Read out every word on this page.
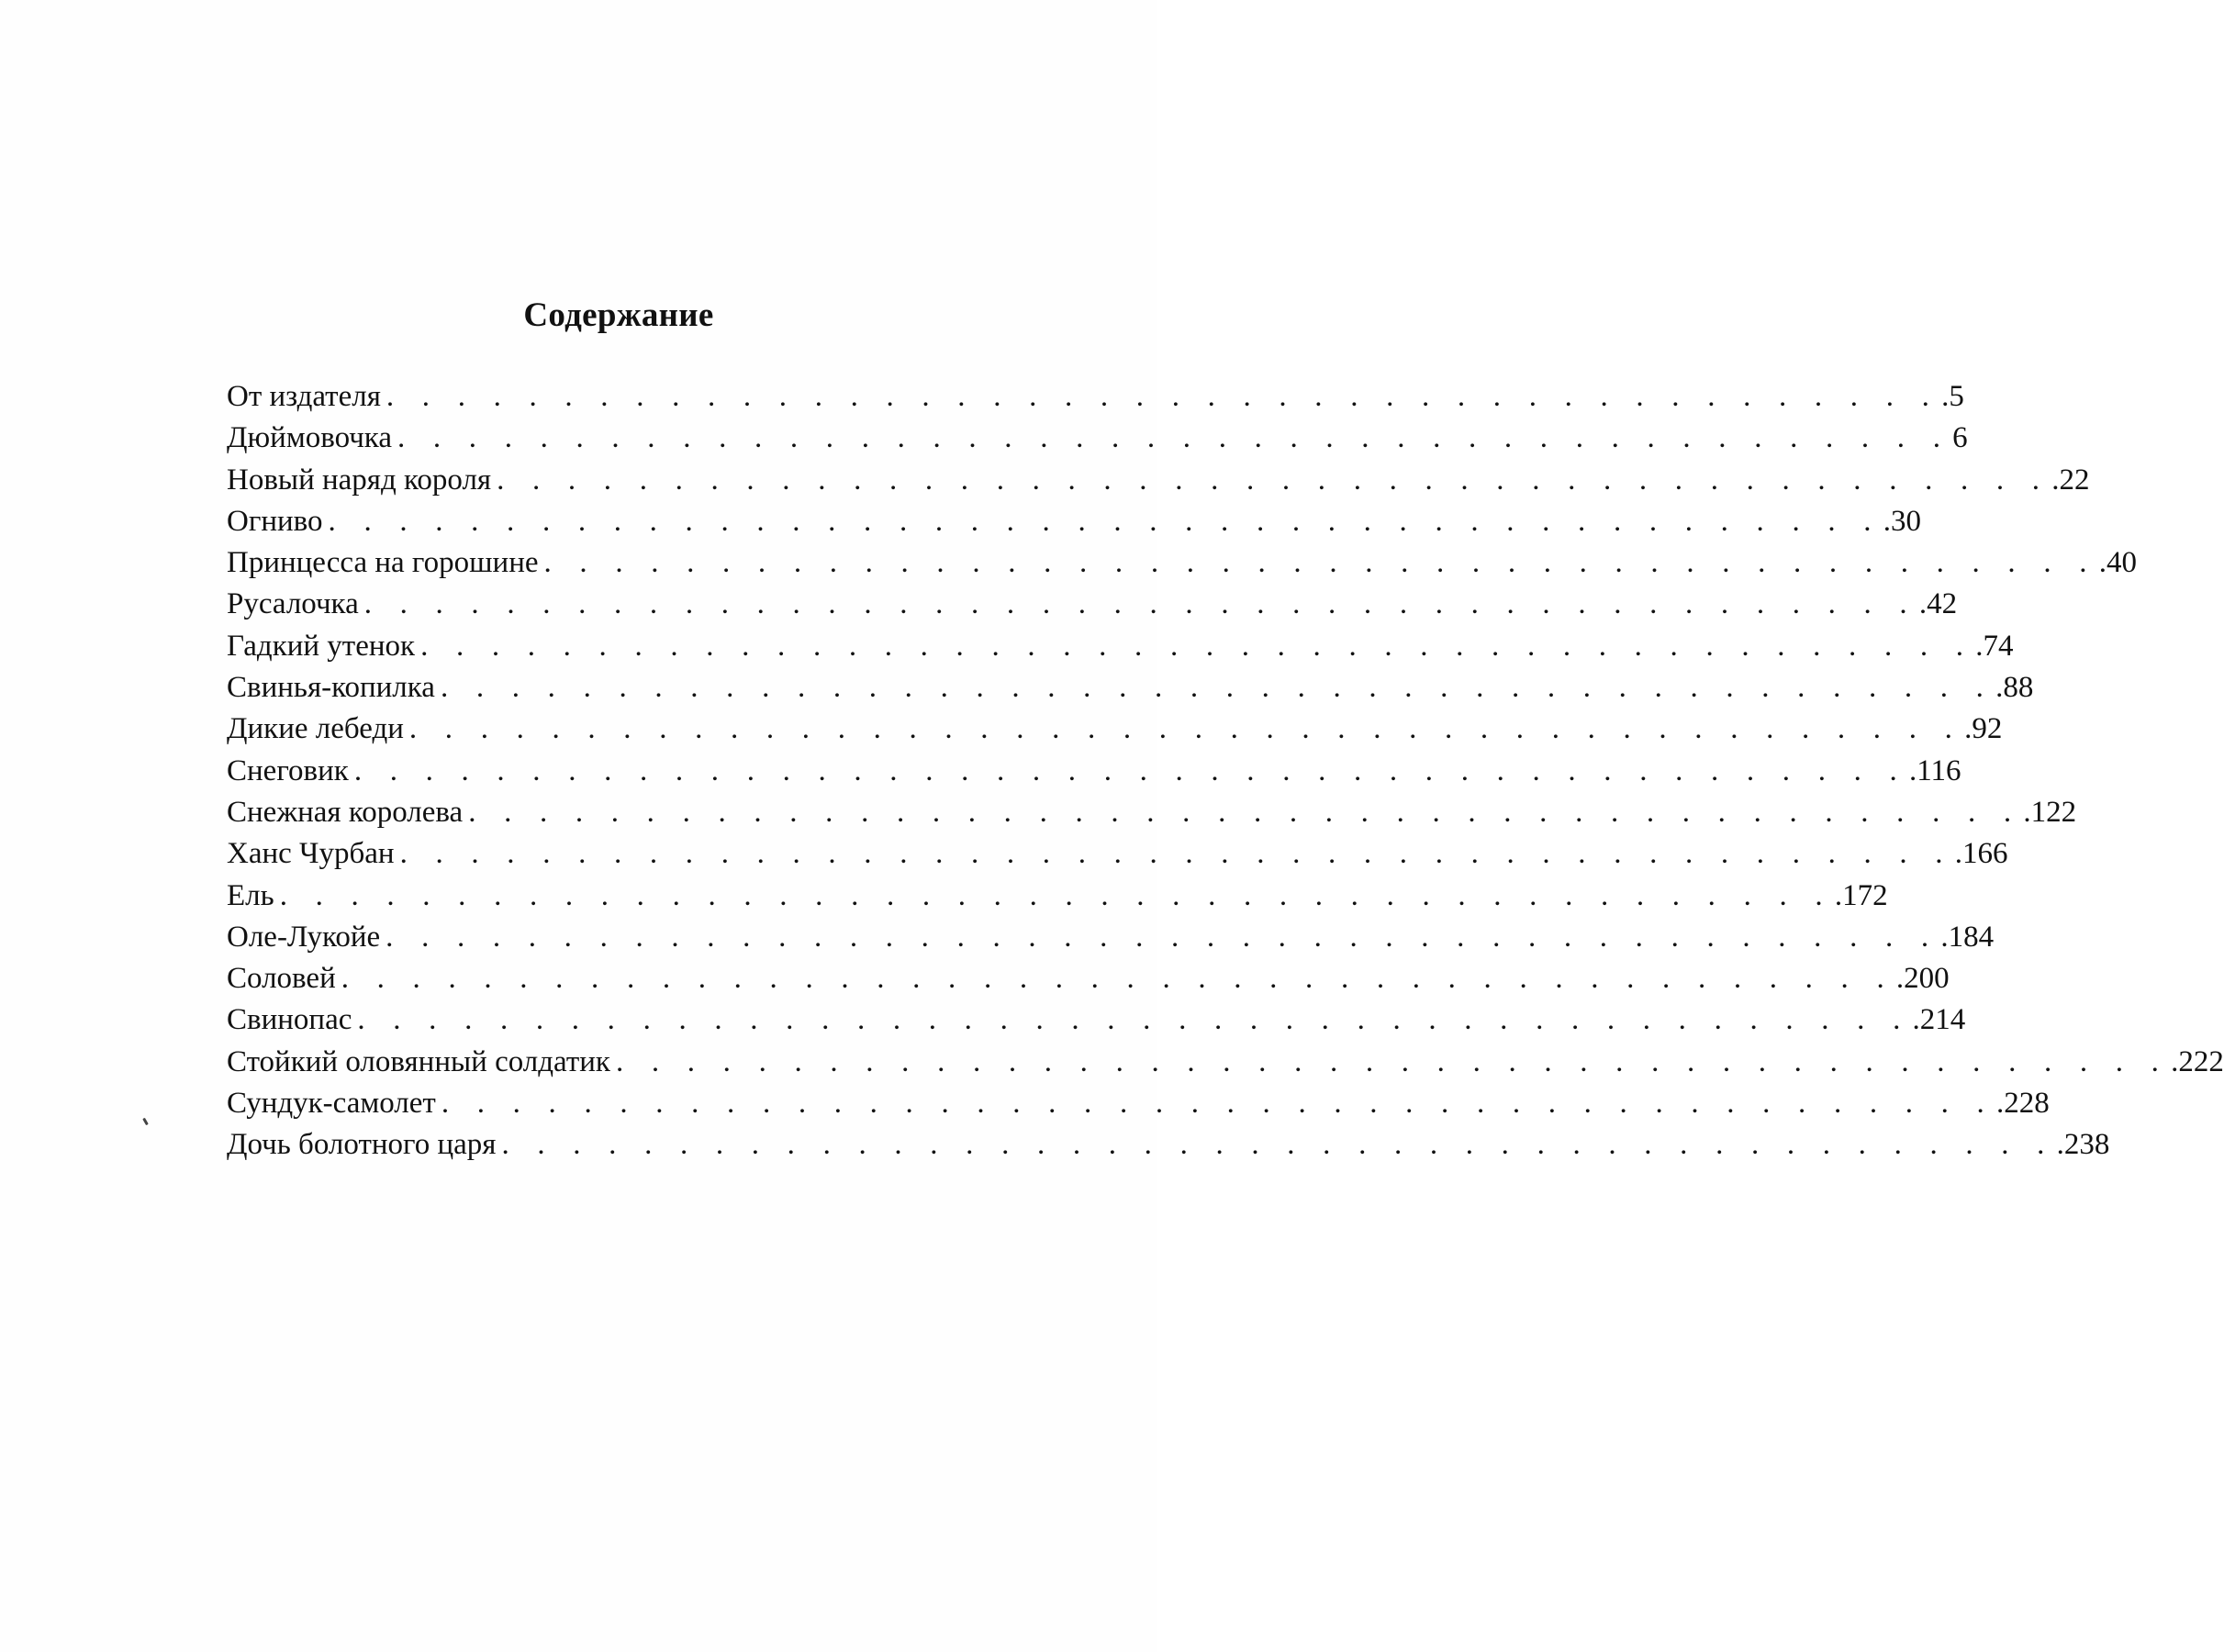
Содержание
От издателя . . . . . . . . . . . . . . . . . . . . . . . . . . . . . . . . . . . . . . . . . . . . .5
Дюймовочка . . . . . . . . . . . . . . . . . . . . . . . . . . . . . . . . . . . . . . . . . . . . 6
Новый наряд короля . . . . . . . . . . . . . . . . . . . . . . . . . . . . . . . . . . . . . . . . . . . . .22
Огниво . . . . . . . . . . . . . . . . . . . . . . . . . . . . . . . . . . . . . . . . . . . . .30
Принцесса на горошине . . . . . . . . . . . . . . . . . . . . . . . . . . . . . . . . . . . . . . . . . . . . .40
Русалочка . . . . . . . . . . . . . . . . . . . . . . . . . . . . . . . . . . . . . . . . . . . . .42
Гадкий утенок . . . . . . . . . . . . . . . . . . . . . . . . . . . . . . . . . . . . . . . . . . . . .74
Свинья-копилка . . . . . . . . . . . . . . . . . . . . . . . . . . . . . . . . . . . . . . . . . . . . .88
Дикие лебеди . . . . . . . . . . . . . . . . . . . . . . . . . . . . . . . . . . . . . . . . . . . . .92
Снеговик . . . . . . . . . . . . . . . . . . . . . . . . . . . . . . . . . . . . . . . . . . . . .116
Снежная королева . . . . . . . . . . . . . . . . . . . . . . . . . . . . . . . . . . . . . . . . . . . . .122
Ханс Чурбан . . . . . . . . . . . . . . . . . . . . . . . . . . . . . . . . . . . . . . . . . . . . .166
Ель . . . . . . . . . . . . . . . . . . . . . . . . . . . . . . . . . . . . . . . . . . . . .172
Оле-Лукойе . . . . . . . . . . . . . . . . . . . . . . . . . . . . . . . . . . . . . . . . . . . . .184
Соловей . . . . . . . . . . . . . . . . . . . . . . . . . . . . . . . . . . . . . . . . . . . . .200
Свинопас . . . . . . . . . . . . . . . . . . . . . . . . . . . . . . . . . . . . . . . . . . . . .214
Стойкий оловянный солдатик . . . . . . . . . . . . . . . . . . . . . . . . . . . . . . . . . . . . . . . . . . . . .222
Сундук-самолет . . . . . . . . . . . . . . . . . . . . . . . . . . . . . . . . . . . . . . . . . . . . .228
Дочь болотного царя . . . . . . . . . . . . . . . . . . . . . . . . . . . . . . . . . . . . . . . . . . . . .238
